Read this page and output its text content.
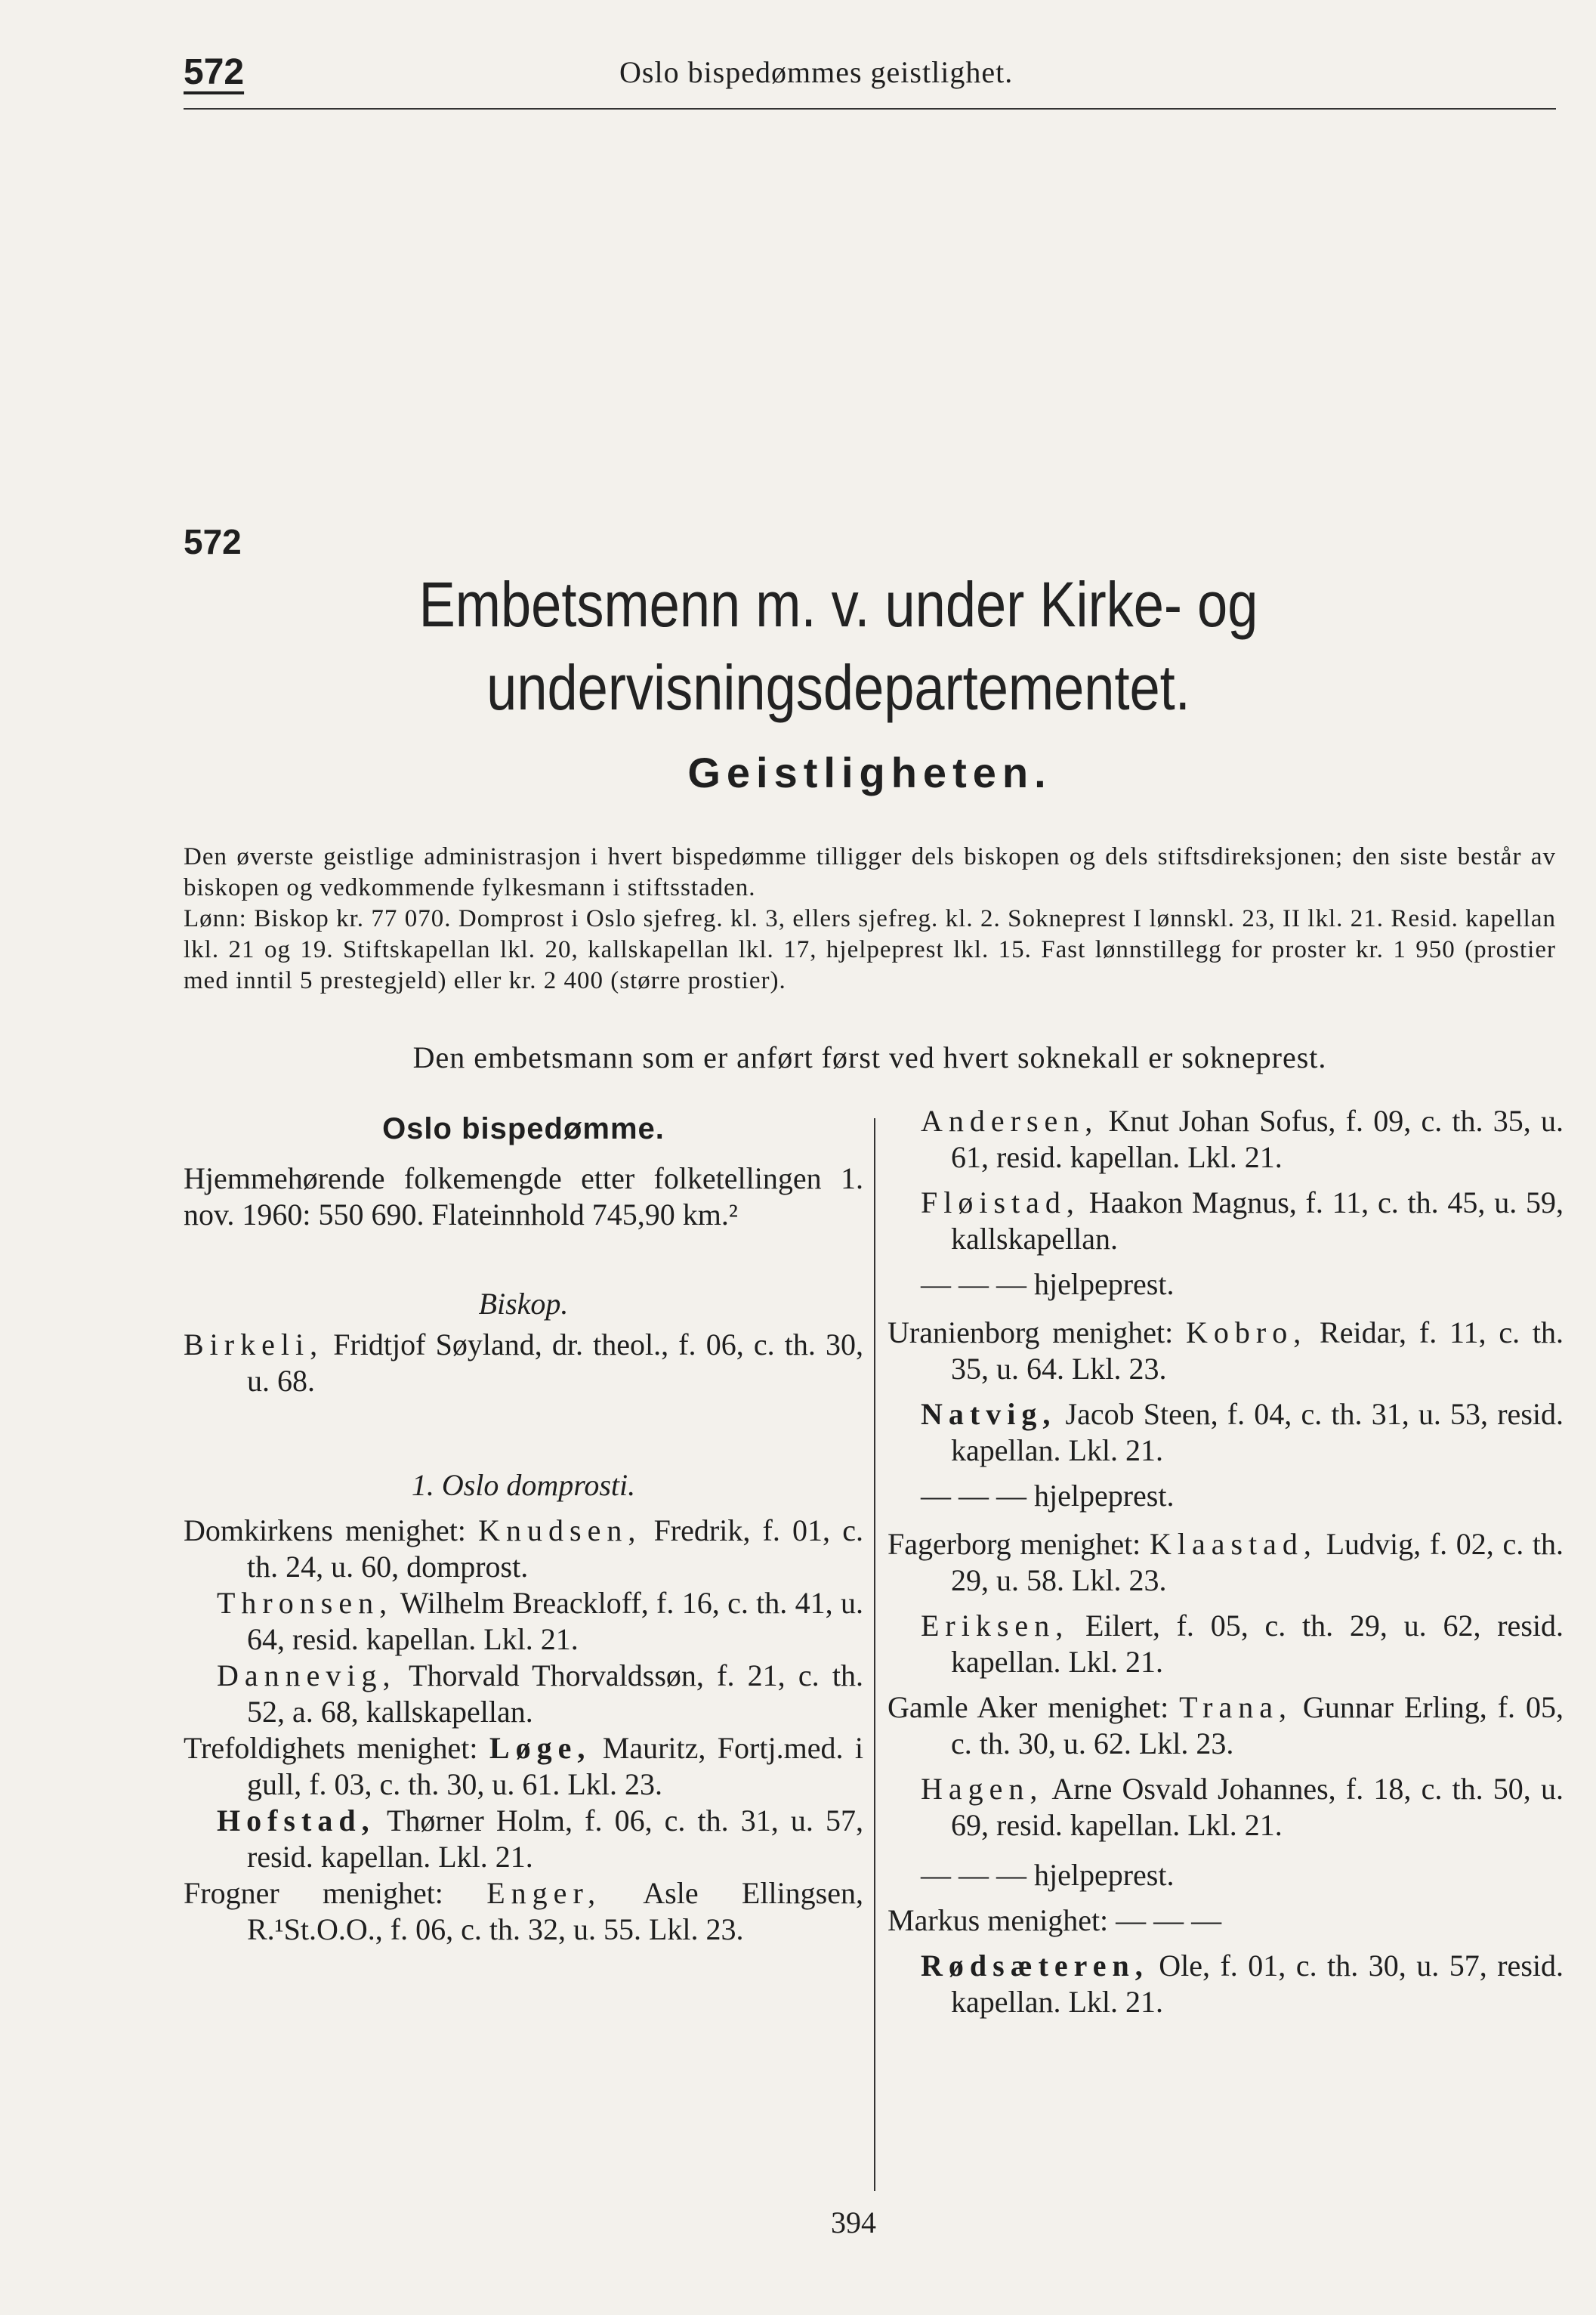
572	Oslo bispedømmes geistlighet.
572
Embetsmenn m. v. under Kirke- og
undervisningsdepartementet.
Geistligheten.

Den øverste geistlige administrasjon i hvert bispedømme tilligger dels biskopen og dels stiftsdireksjonen; den siste består av biskopen og vedkommende fylkesmann i stiftsstaden.

Lønn: Biskop kr. 77 070. Domprost i Oslo sjefreg. kl. 3, ellers sjefreg. kl. 2. Sokneprest I lønnskl. 23, II lkl. 21. Resid. kapellan lkl. 21 og 19. Stiftskapellan lkl. 20, kallskapellan lkl. 17, hjelpeprest lkl. 15. Fast lønnstillegg for proster kr. 1 950 (prostier med inntil 5 prestegjeld) eller kr. 2 400 (større prostier).

Den embetsmann som er anført først ved hvert soknekall er sokneprest.

Oslo bispedømme.

Hjemmehørende folkemengde etter folketellingen 1. nov. 1960: 550 690. Flateinnhold 745,90 km.²

Biskop.

Birkeli, Fridtjof Søyland, dr. theol., f. 06, c. th. 30, u. 68.

1. Oslo domprosti.

Domkirkens menighet: Knudsen, Fredrik, f. 01, c. th. 24, u. 60, domprost.

Thronsen, Wilhelm Breackloff, f. 16, c. th. 41, u. 64, resid. kapellan. Lkl. 21.

Dannevig, Thorvald Thorvaldssøn, f. 21, c. th. 52, a. 68, kallskapellan.

Trefoldighets menighet: Løge, Mauritz, Fortj.med. i gull, f. 03, c. th. 30, u. 61. Lkl. 23.

Hofstad, Thørner Holm, f. 06, c. th. 31, u. 57, resid. kapellan. Lkl. 21.

Frogner menighet: Enger, Asle Ellingsen, R.¹St.O.O., f. 06, c. th. 32, u. 55. Lkl. 23.

Andersen, Knut Johan Sofus, f. 09, c. th. 35, u. 61, resid. kapellan. Lkl. 21.

Fløistad, Haakon Magnus, f. 11, c. th. 45, u. 59, kallskapellan.

— — — hjelpeprest.

Uranienborg menighet: Kobro, Reidar, f. 11, c. th. 35, u. 64. Lkl. 23.

Natvig, Jacob Steen, f. 04, c. th. 31, u. 53, resid. kapellan. Lkl. 21.

— — — hjelpeprest.

Fagerborg menighet: Klaastad, Ludvig, f. 02, c. th. 29, u. 58. Lkl. 23.

Eriksen, Eilert, f. 05, c. th. 29, u. 62, resid. kapellan. Lkl. 21.

Gamle Aker menighet: Trana, Gunnar Erling, f. 05, c. th. 30, u. 62. Lkl. 23.

Hagen, Arne Osvald Johannes, f. 18, c. th. 50, u. 69, resid. kapellan. Lkl. 21.

— — — hjelpeprest.

Markus menighet: — — —

Rødsæteren, Ole, f. 01, c. th. 30, u. 57, resid. kapellan. Lkl. 21.

394
